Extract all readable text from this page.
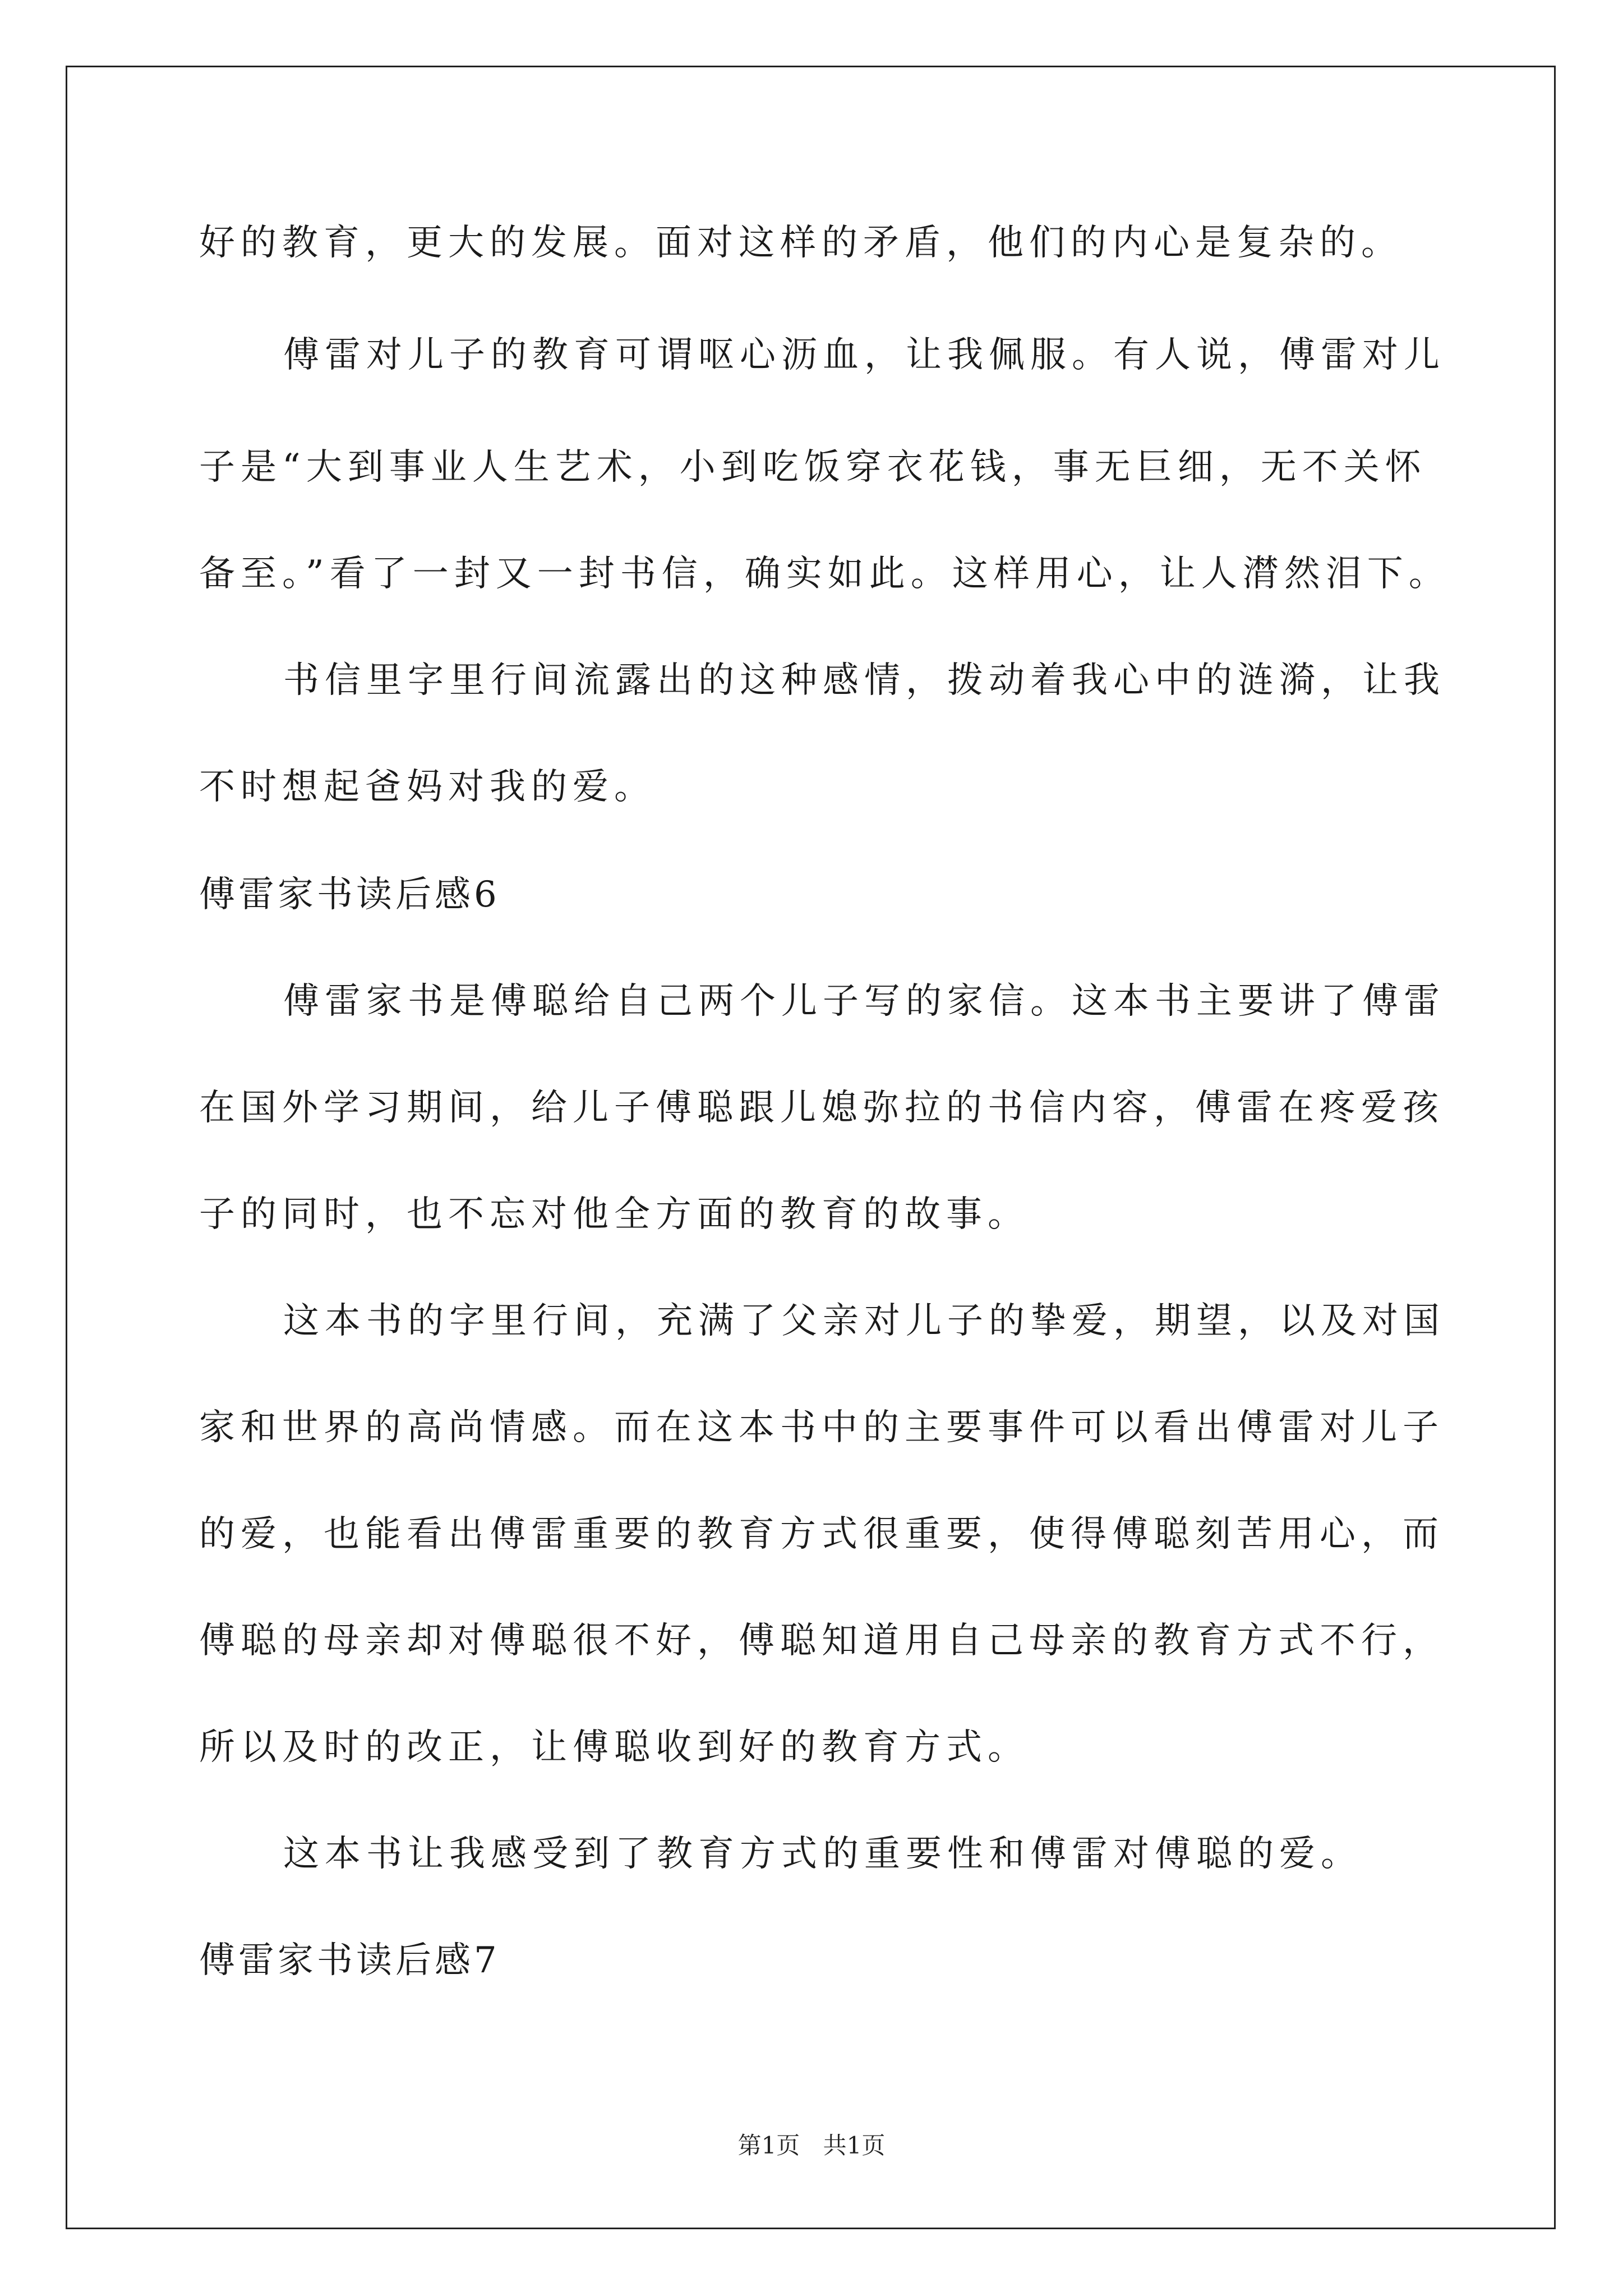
好的教育，更大的发展。面对这样的矛盾，他们的内心是复杂的。
傅雷对儿子的教育可谓呕心沥血，让我佩服。有人说，傅雷对儿
子是“大到事业人生艺术，小到吃饭穿衣花钱，事无巨细，无不关怀
备至。”看了一封又一封书信，确实如此。这样用心，让人潸然泪下。
书信里字里行间流露出的这种感情，拨动着我心中的涟漪，让我
不时想起爸妈对我的爱。
傅雷家书读后感6
傅雷家书是傅聪给自己两个儿子写的家信。这本书主要讲了傅雷
在国外学习期间，给儿子傅聪跟儿媳弥拉的书信内容，傅雷在疼爱孩
子的同时，也不忘对他全方面的教育的故事。
这本书的字里行间，充满了父亲对儿子的挚爱，期望，以及对国
家和世界的高尚情感。而在这本书中的主要事件可以看出傅雷对儿子
的爱，也能看出傅雷重要的教育方式很重要，使得傅聪刻苦用心，而
傅聪的母亲却对傅聪很不好，傅聪知道用自己母亲的教育方式不行，
所以及时的改正，让傅聪收到好的教育方式。
这本书让我感受到了教育方式的重要性和傅雷对傅聪的爱。
傅雷家书读后感7
第1页 共1页
